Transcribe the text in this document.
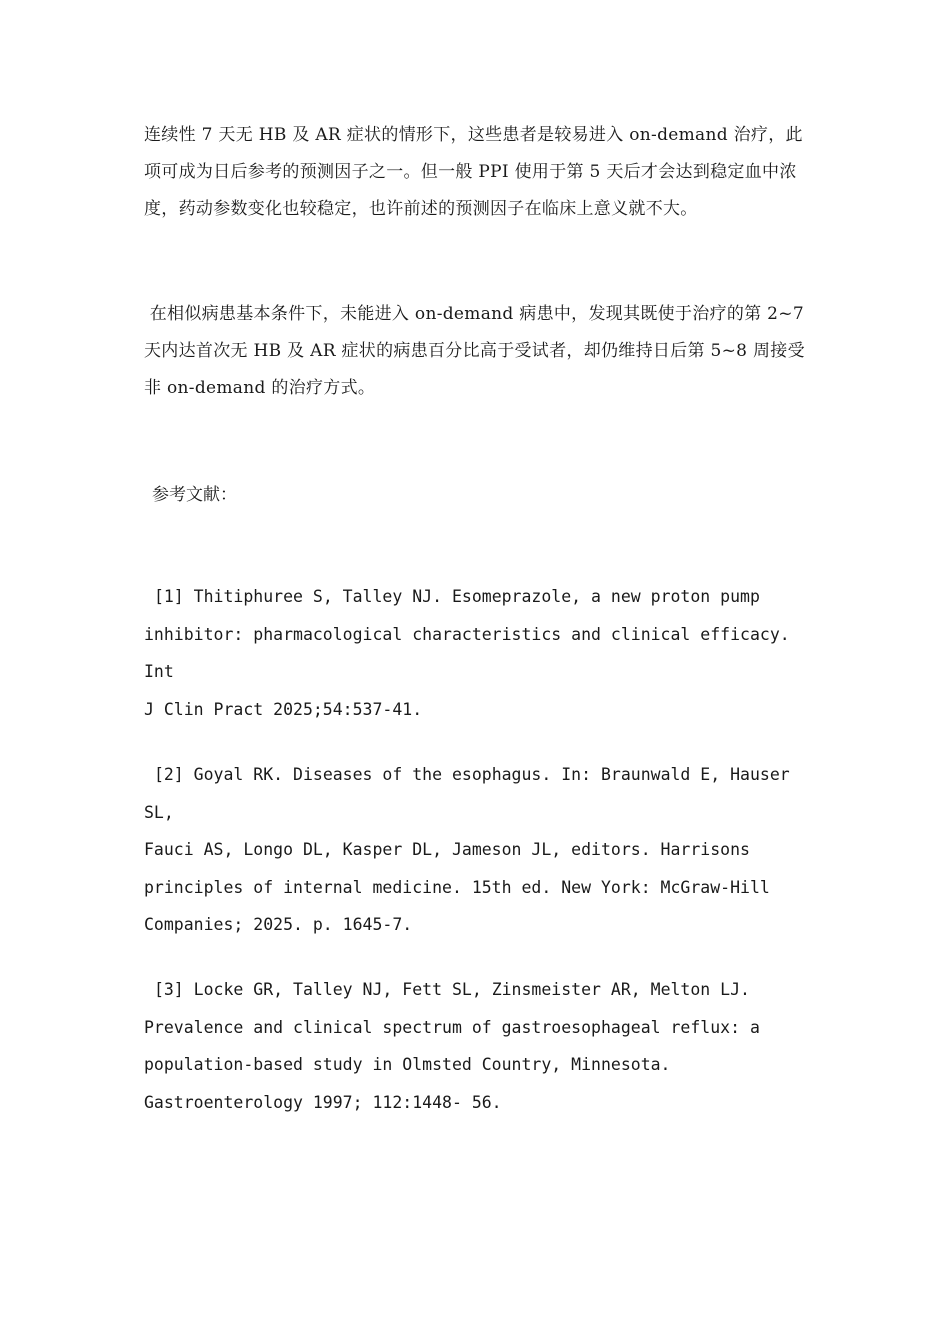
连续性 7 天无 HB 及 AR 症状的情形下，这些患者是较易进入 on-demand 治疗，此项可成为日后参考的预测因子之一。但一般 PPI 使用于第 5 天后才会达到稳定血中浓度，药动参数变化也较稳定，也许前述的预测因子在临床上意义就不大。

在相似病患基本条件下，未能进入 on-demand 病患中，发现其既使于治疗的第 2~7 天内达首次无 HB 及 AR 症状的病患百分比高于受试者，却仍维持日后第 5~8 周接受非 on-demand 的治疗方式。

参考文献：

[1] Thitiphuree S, Talley NJ. Esomeprazole, a new proton pump
inhibitor: pharmacological characteristics and clinical efficacy. Int
J Clin Pract 2025;54:537-41.

[2] Goyal RK. Diseases of the esophagus. In: Braunwald E, Hauser SL,
Fauci AS, Longo DL, Kasper DL, Jameson JL, editors. Harrisons
principles of internal medicine. 15th ed. New York: McGraw-Hill
Companies; 2025. p. 1645-7.

[3] Locke GR, Talley NJ, Fett SL, Zinsmeister AR, Melton LJ.
Prevalence and clinical spectrum of gastroesophageal reflux: a
population-based study in Olmsted Country, Minnesota.
Gastroenterology 1997; 112:1448- 56.
